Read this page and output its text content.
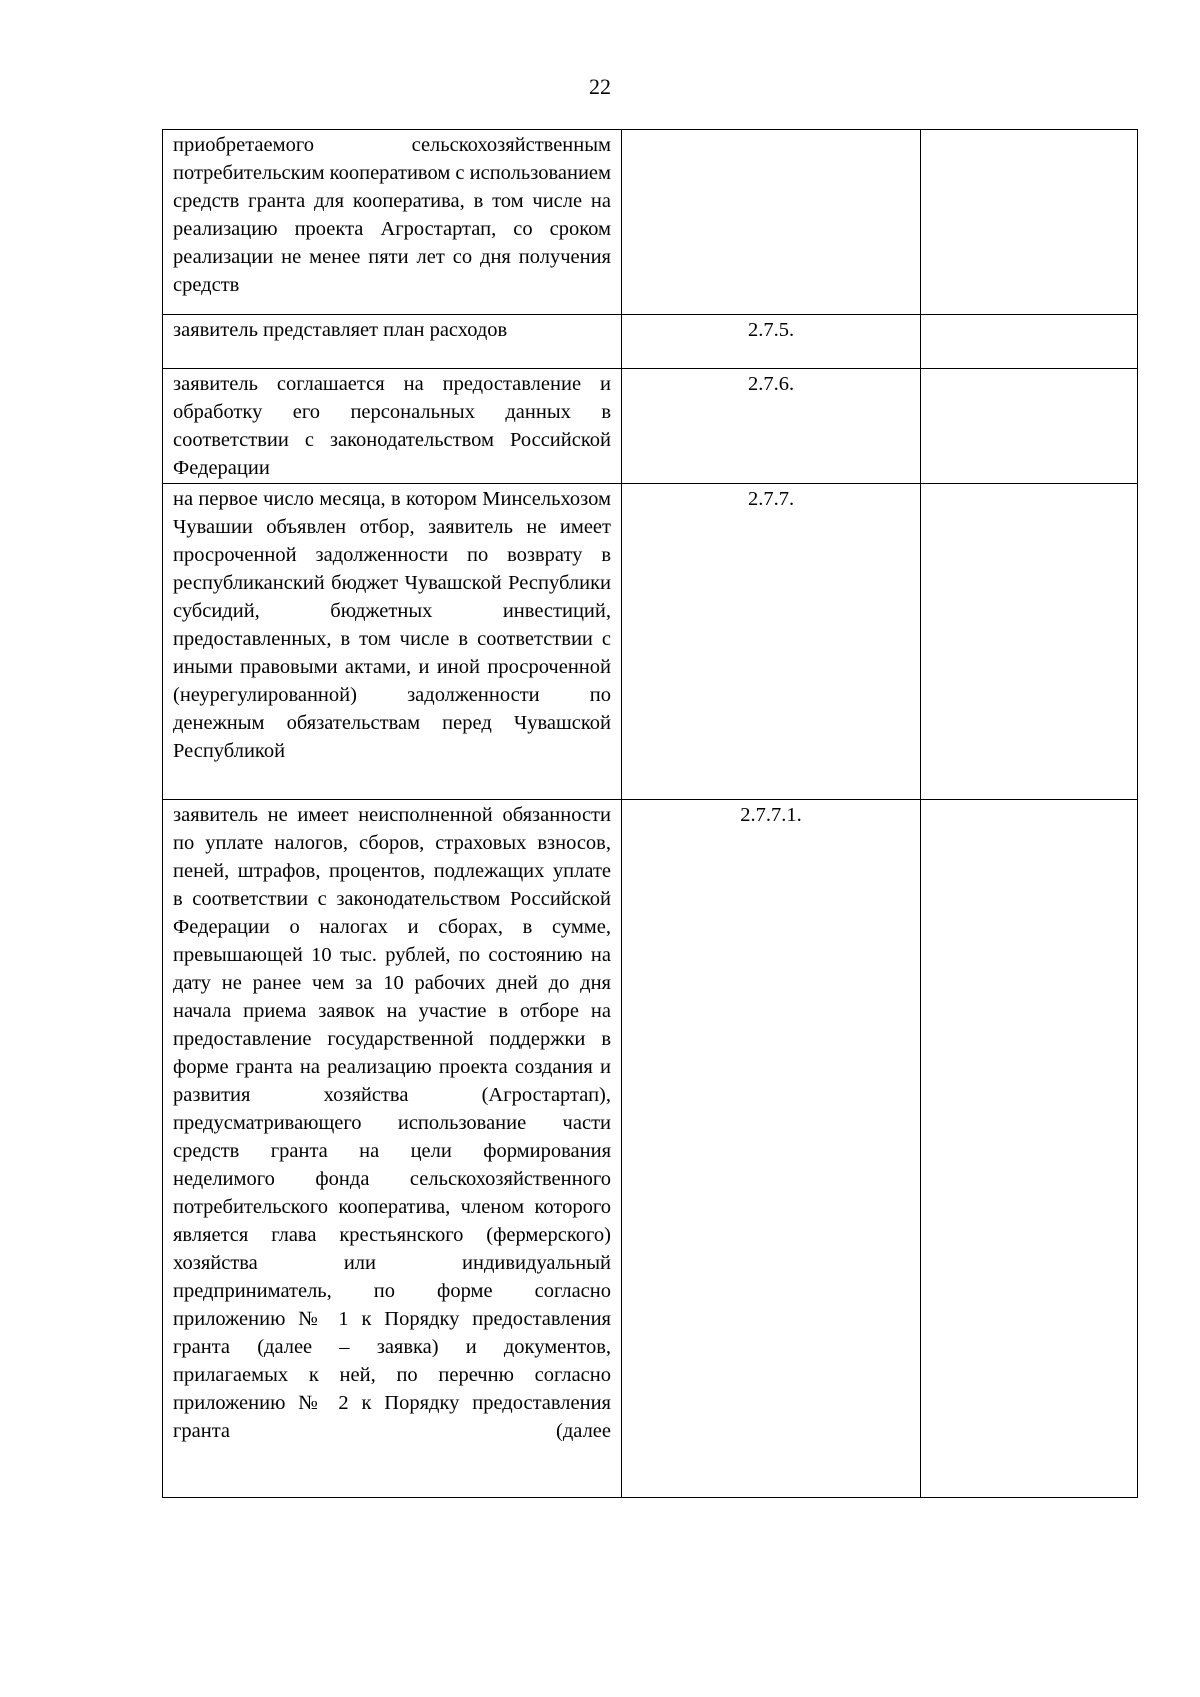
22
приобретаемого сельскохозяйственным потребительским кооперативом с использованием средств гранта для кооператива, в том числе на реализацию проекта Агростартап, со сроком реализации не менее пяти лет со дня получения средств		

заявитель представляет план расходов	2.7.5.	

заявитель соглашается на предоставление и обработку его персональных данных в соответствии с законодательством Российской Федерации	2.7.6.	

на первое число месяца, в котором Минсельхозом Чувашии объявлен отбор, заявитель не имеет просроченной задолженности по возврату в республиканский бюджет Чувашской Республики субсидий, бюджетных инвестиций, предоставленных, в том числе в соответствии с иными правовыми актами, и иной просроченной (неурегулированной) задолженности по денежным обязательствам перед Чувашской Республикой	2.7.7.	

заявитель не имеет неисполненной обязанности по уплате налогов, сборов, страховых взносов, пеней, штрафов, процентов, подлежащих уплате в соответствии с законодательством Российской Федерации о налогах и сборах, в сумме, превышающей 10 тыс. рублей, по состоянию на дату не ранее чем за 10 рабочих дней до дня начала приема заявок на участие в отборе на предоставление государственной поддержки в форме гранта на реализацию проекта создания и развития хозяйства (Агростартап), предусматривающего использование части средств гранта на цели формирования неделимого фонда сельскохозяйственного потребительского кооператива, членом которого является глава крестьянского (фермерского) хозяйства или индивидуальный предприниматель, по форме согласно приложению № 1 к Порядку предоставления гранта (далее – заявка) и документов, прилагаемых к ней, по перечню согласно приложению № 2 к Порядку предоставления гранта (далее	2.7.7.1.	
